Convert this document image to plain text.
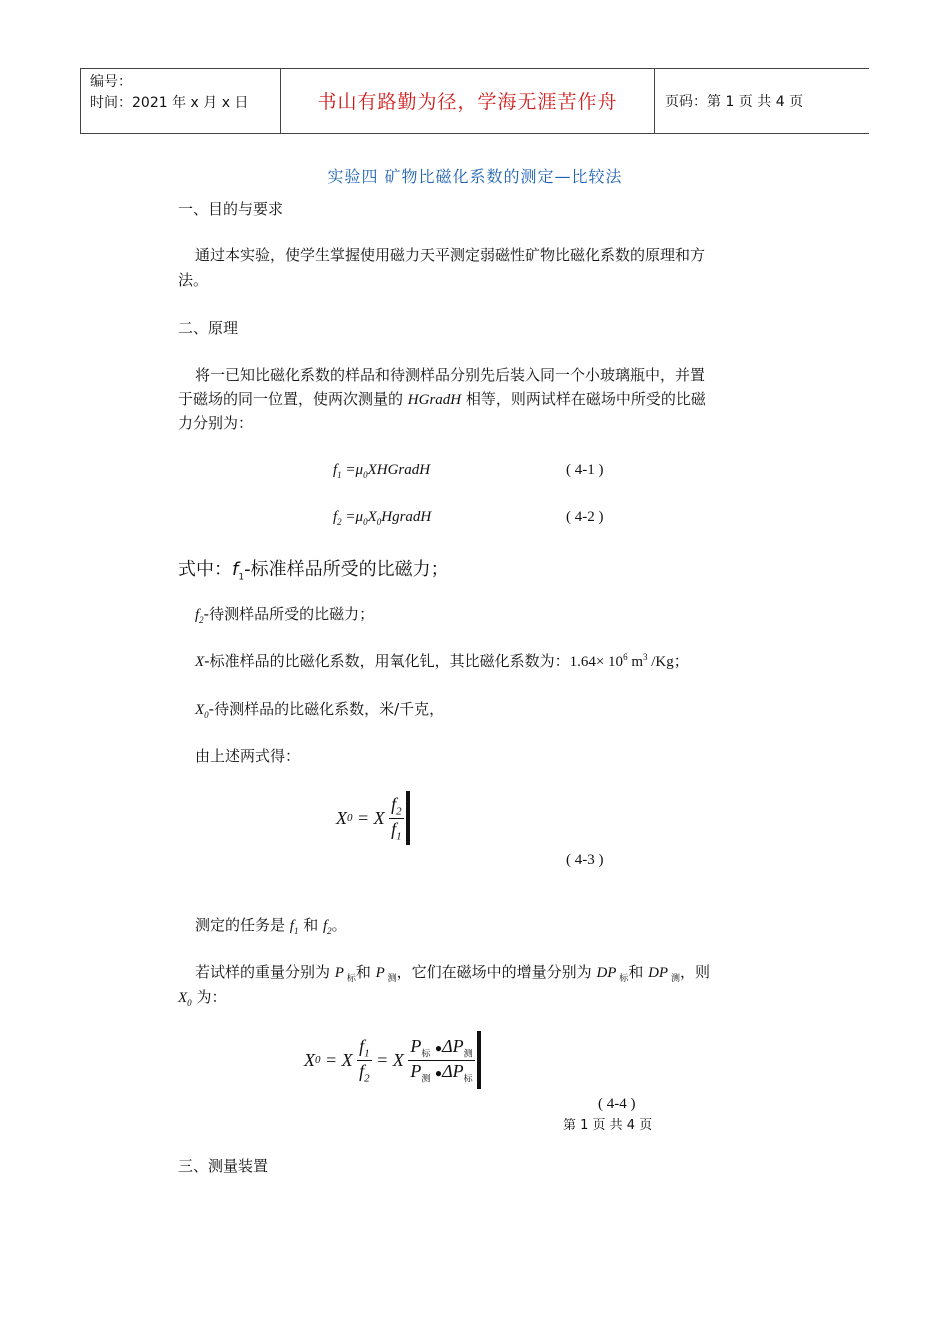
编号：
时间：2021 年 x 月 x 日	书山有路勤为径，学海无涯苦作舟	页码：第 1 页 共 4 页
实验四 矿物比磁化系数的测定—比较法
一、目的与要求
通过本实验，使学生掌握使用磁力天平测定弱磁性矿物比磁化系数的原理和方
法。
二、原理
将一已知比磁化系数的样品和待测样品分别先后装入同一个小玻璃瓶中，并置
于磁场的同一位置，使两次测量的 HGradH 相等，则两试样在磁场中所受的比磁
力分别为：
$f_1$ $=\mu_0XHGradH$	( 4-1 )
$f_2$ $=\mu_0X_0HgradH$	( 4-2 )
式中：$f_1-$标准样品所受的比磁力；
$f_2-$待测样品所受的比磁力；
X-标准样品的比磁化系数，用氧化钆，其比磁化系数为：$1.64\times 10^6$ $m^3$ /Kg；
$X_0-$待测样品的比磁化系数，米/千克，
由上述两式得：
X 0 = X $\frac{f_2}{f_1}$
( 4-3 )
测定的任务是 $f_1$ 和 $f_2$。
若试样的重量分别为 P $_标$和 P $_测$，它们在磁场中的增量分别为 DP $_标$和 DP $_测$，则
$X_0$ 为：
X 0 = X $\frac{f_1}{f_2} = X \frac{P_标 ●\Delta P_测}{P_测 ●\Delta P_标}$
( 4-4 )
第 1 页 共 4 页
三、测量装置
